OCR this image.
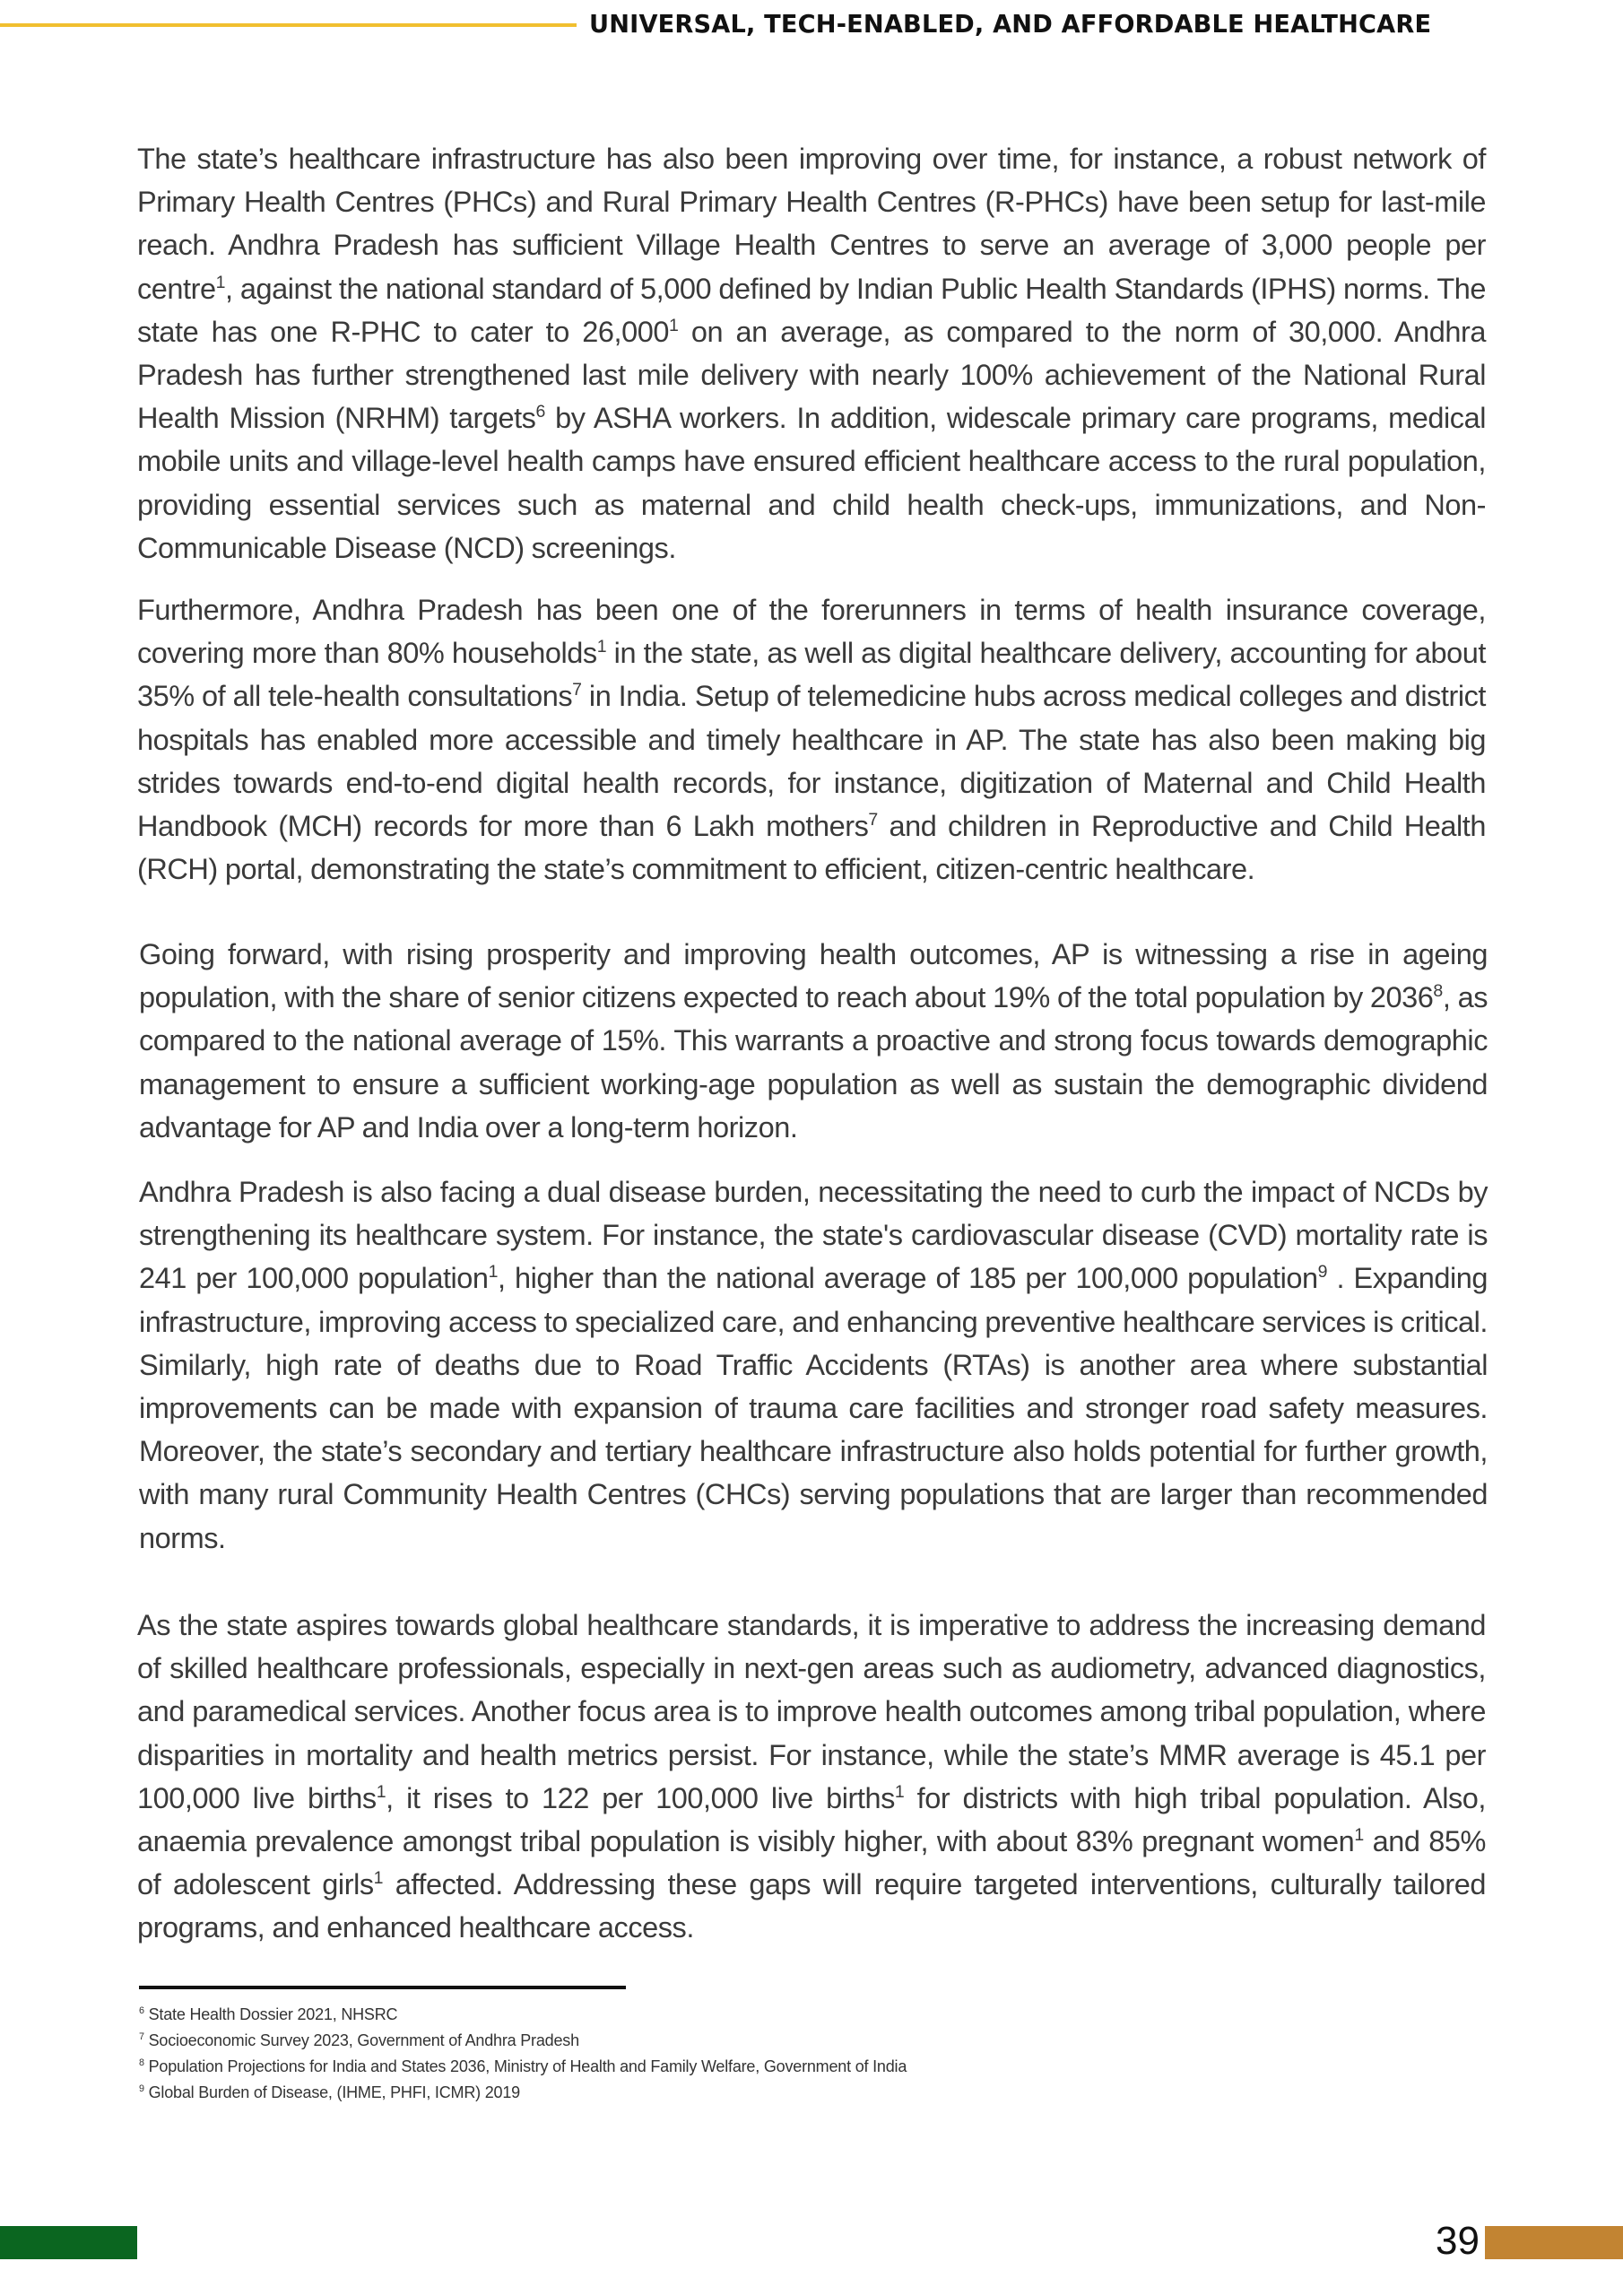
UNIVERSAL, TECH-ENABLED, AND AFFORDABLE HEALTHCARE

The state’s healthcare infrastructure has also been improving over time, for instance, a robust network of Primary Health Centres (PHCs) and Rural Primary Health Centres (R-PHCs) have been setup for last-mile reach. Andhra Pradesh has sufficient Village Health Centres to serve an average of 3,000 people per centre$^1$, against the national standard of 5,000 defined by Indian Public Health Standards (IPHS) norms. The state has one R-PHC to cater to 26,000$^1$ on an average, as compared to the norm of 30,000. Andhra Pradesh has further strengthened last mile delivery with nearly 100% achievement of the National Rural Health Mission (NRHM) targets$^6$ by ASHA workers. In addition, widescale primary care programs, medical mobile units and village-level health camps have ensured efficient healthcare access to the rural population, providing essential services such as maternal and child health check-ups, immunizations, and Non-Communicable Disease (NCD) screenings.

Furthermore, Andhra Pradesh has been one of the forerunners in terms of health insurance coverage, covering more than 80% households$^1$ in the state, as well as digital healthcare delivery, accounting for about 35% of all tele-health consultations$^7$ in India. Setup of telemedicine hubs across medical colleges and district hospitals has enabled more accessible and timely healthcare in AP. The state has also been making big strides towards end-to-end digital health records, for instance, digitization of Maternal and Child Health Handbook (MCH) records for more than 6 Lakh mothers$^7$ and children in Reproductive and Child Health (RCH) portal, demonstrating the state’s commitment to efficient, citizen-centric healthcare.

Going forward, with rising prosperity and improving health outcomes, AP is witnessing a rise in ageing population, with the share of senior citizens expected to reach about 19% of the total population by 2036$^8$, as compared to the national average of 15%. This warrants a proactive and strong focus towards demographic management to ensure a sufficient working-age population as well as sustain the demographic dividend advantage for AP and India over a long-term horizon.

Andhra Pradesh is also facing a dual disease burden, necessitating the need to curb the impact of NCDs by strengthening its healthcare system. For instance, the state's cardiovascular disease (CVD) mortality rate is 241 per 100,000 population$^1$, higher than the national average of 185 per 100,000 population$^9$ . Expanding infrastructure, improving access to specialized care, and enhancing preventive healthcare services is critical. Similarly, high rate of deaths due to Road Traffic Accidents (RTAs) is another area where substantial improvements can be made with expansion of trauma care facilities and stronger road safety measures. Moreover, the state’s secondary and tertiary healthcare infrastructure also holds potential for further growth, with many rural Community Health Centres (CHCs) serving populations that are larger than recommended norms.

As the state aspires towards global healthcare standards, it is imperative to address the increasing demand of skilled healthcare professionals, especially in next-gen areas such as audiometry, advanced diagnostics, and paramedical services. Another focus area is to improve health outcomes among tribal population, where disparities in mortality and health metrics persist. For instance, while the state’s MMR average is 45.1 per 100,000 live births$^1$, it rises to 122 per 100,000 live births$^1$ for districts with high tribal population. Also, anaemia prevalence amongst tribal population is visibly higher, with about 83% pregnant women$^1$ and 85% of adolescent girls$^1$ affected. Addressing these gaps will require targeted interventions, culturally tailored programs, and enhanced healthcare access.

$^6$ State Health Dossier 2021, NHSRC
$^7$ Socioeconomic Survey 2023, Government of Andhra Pradesh
$^8$ Population Projections for India and States 2036, Ministry of Health and Family Welfare, Government of India
$^9$ Global Burden of Disease, (IHME, PHFI, ICMR) 2019
39
